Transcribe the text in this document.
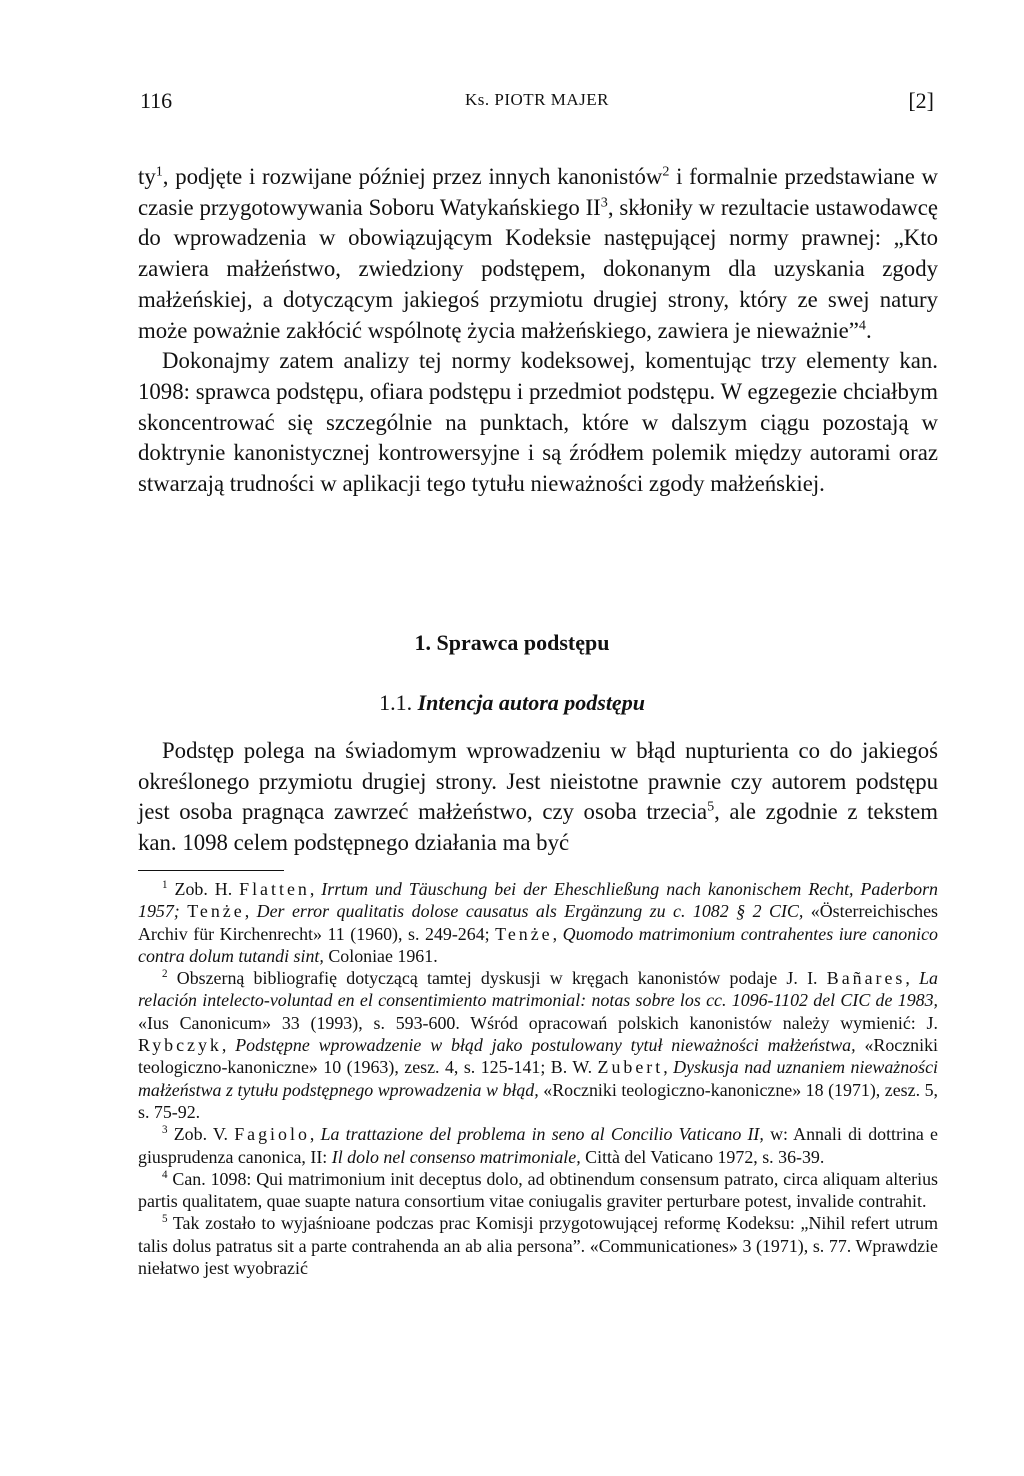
116	Ks. PIOTR MAJER	[2]

$ty^1$, podjęte i rozwijane później przez innych kanonistów$^2$ i formalnie przedstawiane w czasie przygotowywania Soboru Watykańskiego $II^3$, skłoniły w rezultacie ustawodawcę do wprowadzenia w obowiązującym Kodeksie następującej normy prawnej: „Kto zawiera małżeństwo, zwiedziony podstępem, dokonanym dla uzyskania zgody małżeńskiej, a dotyczącym jakiegoś przymiotu drugiej strony, który ze swej natury może poważnie zakłócić wspólnotę życia małżeńskiego, zawiera je nieważnie”$^4$.

Dokonajmy zatem analizy tej normy kodeksowej, komentując trzy elementy kan. 1098: sprawca podstępu, ofiara podstępu i przedmiot podstępu. W egzegezie chciałbym skoncentrować się szczególnie na punktach, które w dalszym ciągu pozostają w doktrynie kanonistycznej kontrowersyjne i są źródłem polemik między autorami oraz stwarzają trudności w aplikacji tego tytułu nieważności zgody małżeńskiej.

1. Sprawca podstępu
1.1. Intencja autora podstępu

Podstęp polega na świadomym wprowadzeniu w błąd nupturienta co do jakiegoś określonego przymiotu drugiej strony. Jest nieistotne prawnie czy autorem podstępu jest osoba pragnąca zawrzeć małżeństwo, czy osoba trzecia$^5$, ale zgodnie z tekstem kan. 1098 celem podstępnego działania ma być

$^1$ Zob. H. Flatten, Irrtum und Täuschung bei der Eheschließung nach kanonischem Recht, Paderborn 1957; Tenże, Der error qualitatis dolose causatus als Ergänzung zu c. 1082 § 2 CIC, «Österreichisches Archiv für Kirchenrecht» 11 (1960), s. 249-264; Tenże, Quomodo matrimonium contrahentes iure canonico contra dolum tutandi sint, Coloniae 1961.

$^2$ Obszerną bibliografię dotyczącą tamtej dyskusji w kręgach kanonistów podaje J. I. Bañares, La relación intelecto-voluntad en el consentimiento matrimonial: notas sobre los cc. 1096-1102 del CIC de 1983, «Ius Canonicum» 33 (1993), s. 593-600. Wśród opracowań polskich kanonistów należy wymienić: J. Rybczyk, Podstępne wprowadzenie w błąd jako postulowany tytuł nieważności małżeństwa, «Roczniki teologiczno-kanoniczne» 10 (1963), zesz. 4, s. 125-141; B. W. Zubert, Dyskusja nad uznaniem nieważności małżeństwa z tytułu podstępnego wprowadzenia w błąd, «Roczniki teologiczno-kanoniczne» 18 (1971), zesz. 5, s. 75-92.

$^3$ Zob. V. Fagiolo, La trattazione del problema in seno al Concilio Vaticano II, w: Annali di dottrina e giusprudenza canonica, II: Il dolo nel consenso matrimoniale, Città del Vaticano 1972, s. 36-39.

$^4$ Can. 1098: Qui matrimonium init deceptus dolo, ad obtinendum consensum patrato, circa aliquam alterius partis qualitatem, quae suapte natura consortium vitae coniugalis graviter perturbare potest, invalide contrahit.

$^5$ Tak zostało to wyjaśnioane podczas prac Komisji przygotowującej reformę Kodeksu: „Nihil refert utrum talis dolus patratus sit a parte contrahenda an ab alia persona”. «Communicationes» 3 (1971), s. 77. Wprawdzie niełatwo jest wyobrazić
